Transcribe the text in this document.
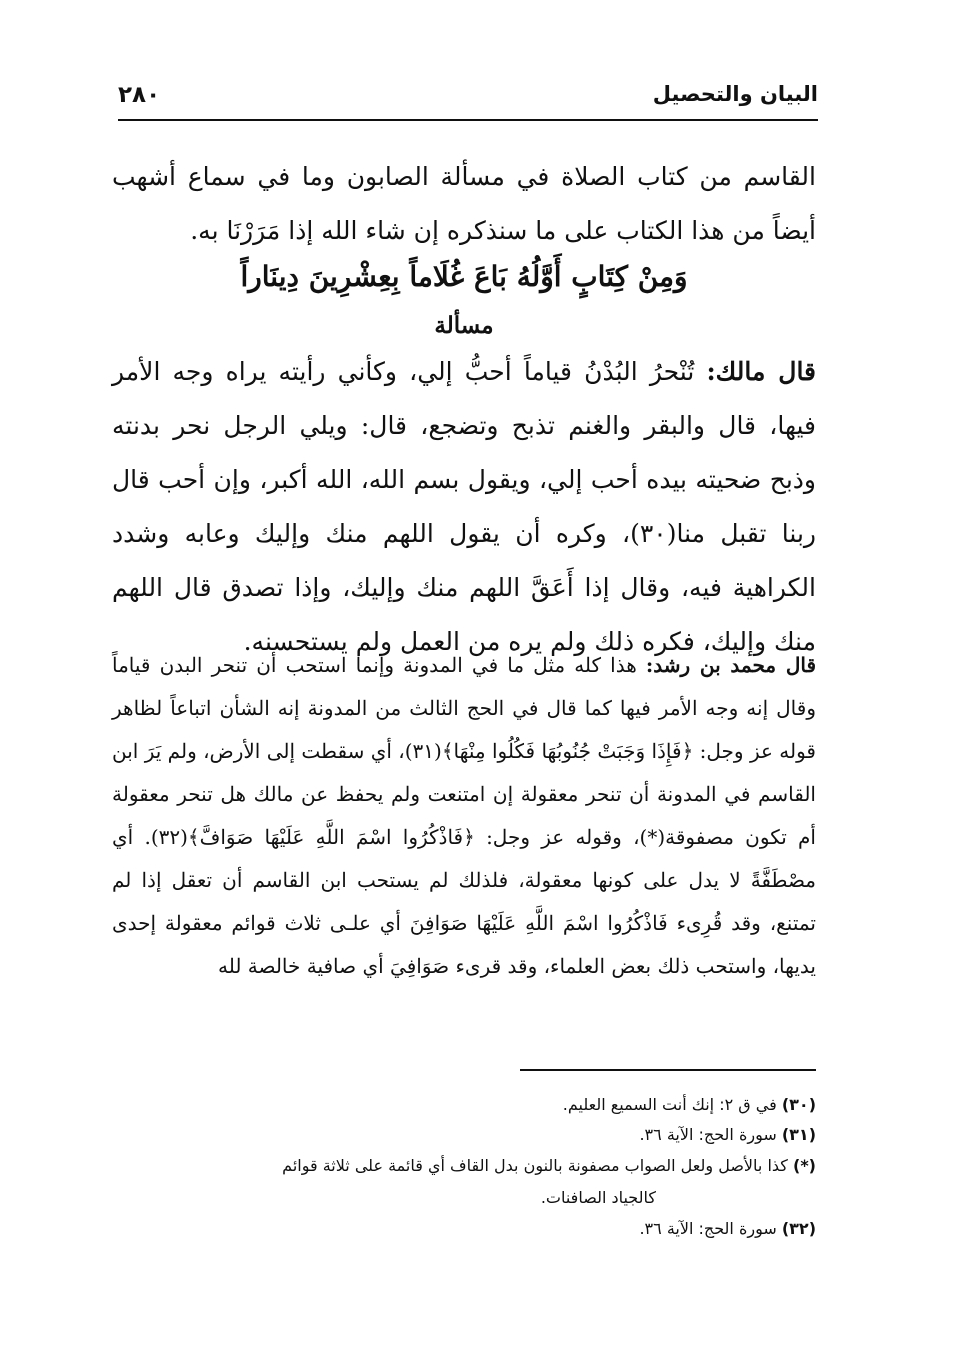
٢٨٠	البيان والتحصيل
القاسم من كتاب الصلاة في مسألة الصابون وما في سماع أشهب أيضاً من هذا الكتاب على ما سنذكره إن شاء الله إذا مَرَرْنَا به.
وَمِنْ كِتَابٍ أَوَّلُهُ بَاعَ غُلَاماً بِعِشْرِينَ دِينَاراً
مسألة
قال مالك: تُنْحرُ البُدْنُ قياماً أحبُّ إلي، وكأني رأيته يراه وجه الأمر فيها، قال والبقر والغنم تذبح وتضجع، قال: ويلي الرجل نحر بدنته وذبح ضحيته بيده أحب إلي، ويقول بسم الله، الله أكبر، وإن أحب قال ربنا تقبل منا(٣٠)، وكره أن يقول اللهم منك وإليك وعابه وشدد الكراهية فيه، وقال إذا أَعَقَّ اللهم منك وإليك، وإذا تصدق قال اللهم منك وإليك، فكره ذلك ولم يره من العمل ولم يستحسنه.
قال محمد بن رشد: هذا كله مثل ما في المدونة وإنما استحب أن تنحر البدن قياماً وقال إنه وجه الأمر فيها كما قال في الحج الثالث من المدونة إنه الشأن اتباعاً لظاهر قوله عز وجل: ﴿فَإِذَا وَجَبَتْ جُنُوبُهَا فَكُلُوا مِنْهَا﴾(٣١)، أي سقطت إلى الأرض، ولم يَرَ ابن القاسم في المدونة أن تنحر معقولة إن امتنعت ولم يحفظ عن مالك هل تنحر معقولة أم تكون مصفوقة(*)، وقوله عز وجل: ﴿فَاذْكُرُوا اسْمَ اللَّهِ عَلَيْهَا صَوَافَّ﴾(٣٢). أي مصْطَفَّةً لا يدل على كونها معقولة، فلذلك لم يستحب ابن القاسم أن تعقل إذا لم تمتنع، وقد قُرِىء فَاذْكُرُوا اسْمَ اللَّهِ عَلَيْهَا صَوَافِنَ أي علـى ثلاث قوائم معقولة إحدى يديها، واستحب ذلك بعض العلماء، وقد قرىء صَوَافِيَ أي صافية خالصة لله
(٣٠) في ق ٢: إنك أنت السميع العليم.
(٣١) سورة الحج: الآية ٣٦.
(*) كذا بالأصل ولعل الصواب مصفونة بالنون بدل القاف أي قائمة على ثلاثة قوائم
كالجياد الصافنات.
(٣٢) سورة الحج: الآية ٣٦.
